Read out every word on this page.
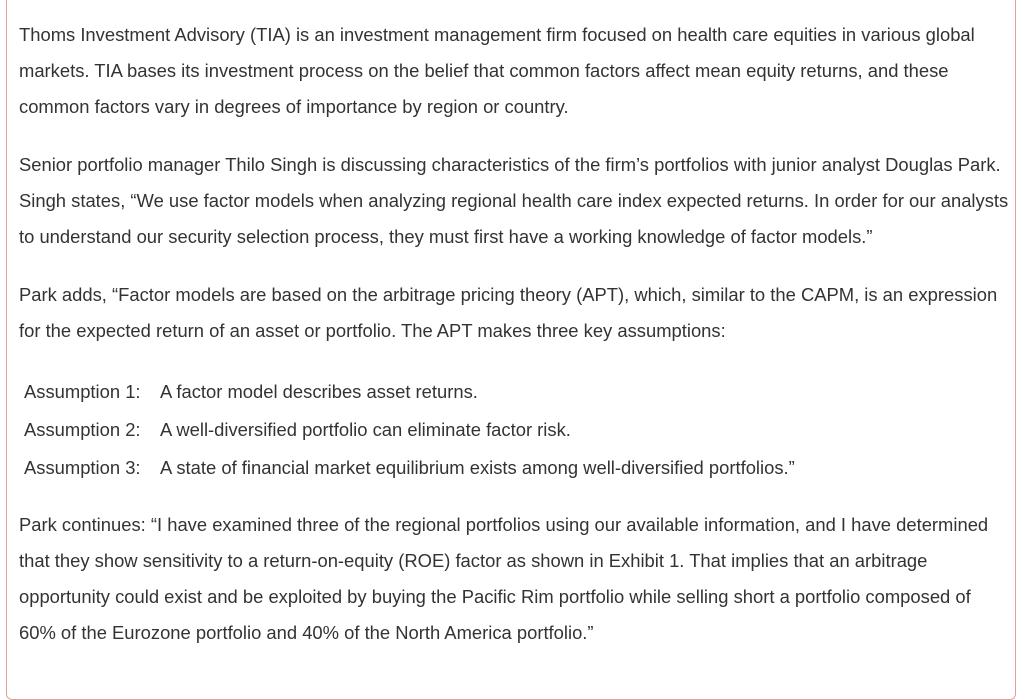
Thoms Investment Advisory (TIA) is an investment management firm focused on health care equities in various global markets. TIA bases its investment process on the belief that common factors affect mean equity returns, and these common factors vary in degrees of importance by region or country.

Senior portfolio manager Thilo Singh is discussing characteristics of the firm’s portfolios with junior analyst Douglas Park. Singh states, “We use factor models when analyzing regional health care index expected returns. In order for our analysts to understand our security selection process, they must first have a working knowledge of factor models.”

Park adds, “Factor models are based on the arbitrage pricing theory (APT), which, similar to the CAPM, is an expression for the expected return of an asset or portfolio. The APT makes three key assumptions:

Assumption 1: A factor model describes asset returns.
Assumption 2: A well-diversified portfolio can eliminate factor risk.
Assumption 3: A state of financial market equilibrium exists among well-diversified portfolios.”

Park continues: “I have examined three of the regional portfolios using our available information, and I have determined that they show sensitivity to a return-on-equity (ROE) factor as shown in Exhibit 1. That implies that an arbitrage opportunity could exist and be exploited by buying the Pacific Rim portfolio while selling short a portfolio composed of 60% of the Eurozone portfolio and 40% of the North America portfolio.”
